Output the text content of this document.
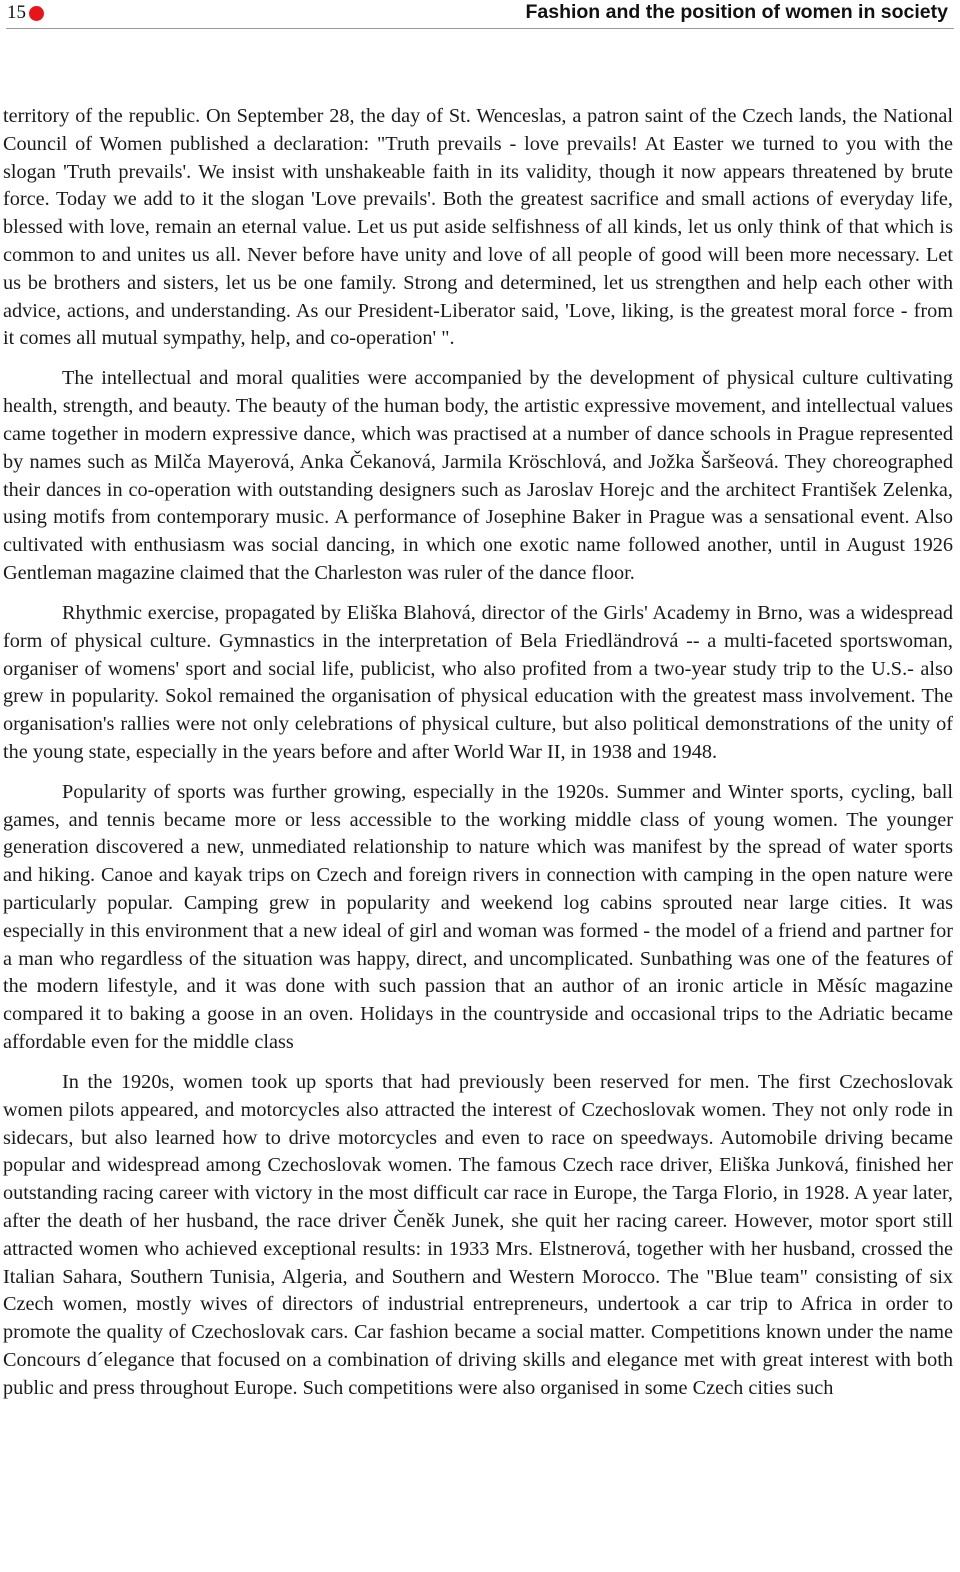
15	Fashion and the position of women in society

territory of the republic. On September 28, the day of St. Wenceslas, a patron saint of the Czech lands, the National Council of Women published a declaration: "Truth prevails - love prevails! At Easter we turned to you with the slogan 'Truth prevails'. We insist with unshakeable faith in its validity, though it now appears threatened by brute force. Today we add to it the slogan 'Love prevails'. Both the greatest sacrifice and small actions of everyday life, blessed with love, remain an eternal value. Let us put aside selfishness of all kinds, let us only think of that which is common to and unites us all. Never before have unity and love of all people of good will been more necessary. Let us be brothers and sisters, let us be one family. Strong and determined, let us strengthen and help each other with advice, actions, and understanding. As our President-Liberator said, 'Love, liking, is the greatest moral force - from it comes all mutual sympathy, help, and co-operation' ".

The intellectual and moral qualities were accompanied by the development of physical culture cultivating health, strength, and beauty. The beauty of the human body, the artistic expressive movement, and intellectual values came together in modern expressive dance, which was practised at a number of dance schools in Prague represented by names such as Milča Mayerová, Anka Čekanová, Jarmila Kröschlová, and Jožka Šaršeová. They choreographed their dances in co-operation with outstanding designers such as Jaroslav Horejc and the architect František Zelenka, using motifs from contemporary music. A performance of Josephine Baker in Prague was a sensational event. Also cultivated with enthusiasm was social dancing, in which one exotic name followed another, until in August 1926 Gentleman magazine claimed that the Charleston was ruler of the dance floor.

Rhythmic exercise, propagated by Eliška Blahová, director of the Girls' Academy in Brno, was a widespread form of physical culture. Gymnastics in the interpretation of Bela Friedländrová -- a multi-faceted sportswoman, organiser of womens' sport and social life, publicist, who also profited from a two-year study trip to the U.S.- also grew in popularity. Sokol remained the organisation of physical education with the greatest mass involvement. The organisation's rallies were not only celebrations of physical culture, but also political demonstrations of the unity of the young state, especially in the years before and after World War II, in 1938 and 1948.

Popularity of sports was further growing, especially in the 1920s. Summer and Winter sports, cycling, ball games, and tennis became more or less accessible to the working middle class of young women. The younger generation discovered a new, unmediated relationship to nature which was manifest by the spread of water sports and hiking. Canoe and kayak trips on Czech and foreign rivers in connection with camping in the open nature were particularly popular. Camping grew in popularity and weekend log cabins sprouted near large cities. It was especially in this environment that a new ideal of girl and woman was formed - the model of a friend and partner for a man who regardless of the situation was happy, direct, and uncomplicated. Sunbathing was one of the features of the modern lifestyle, and it was done with such passion that an author of an ironic article in Měsíc magazine compared it to baking a goose in an oven. Holidays in the countryside and occasional trips to the Adriatic became affordable even for the middle class

In the 1920s, women took up sports that had previously been reserved for men. The first Czechoslovak women pilots appeared, and motorcycles also attracted the interest of Czechoslovak women. They not only rode in sidecars, but also learned how to drive motorcycles and even to race on speedways. Automobile driving became popular and widespread among Czechoslovak women. The famous Czech race driver, Eliška Junková, finished her outstanding racing career with victory in the most difficult car race in Europe, the Targa Florio, in 1928. A year later, after the death of her husband, the race driver Čeněk Junek, she quit her racing career. However, motor sport still attracted women who achieved exceptional results: in 1933 Mrs. Elstnerová, together with her husband, crossed the Italian Sahara, Southern Tunisia, Algeria, and Southern and Western Morocco. The "Blue team" consisting of six Czech women, mostly wives of directors of industrial entrepreneurs, undertook a car trip to Africa in order to promote the quality of Czechoslovak cars. Car fashion became a social matter. Competitions known under the name Concours d´elegance that focused on a combination of driving skills and elegance met with great interest with both public and press throughout Europe. Such competitions were also organised in some Czech cities such
